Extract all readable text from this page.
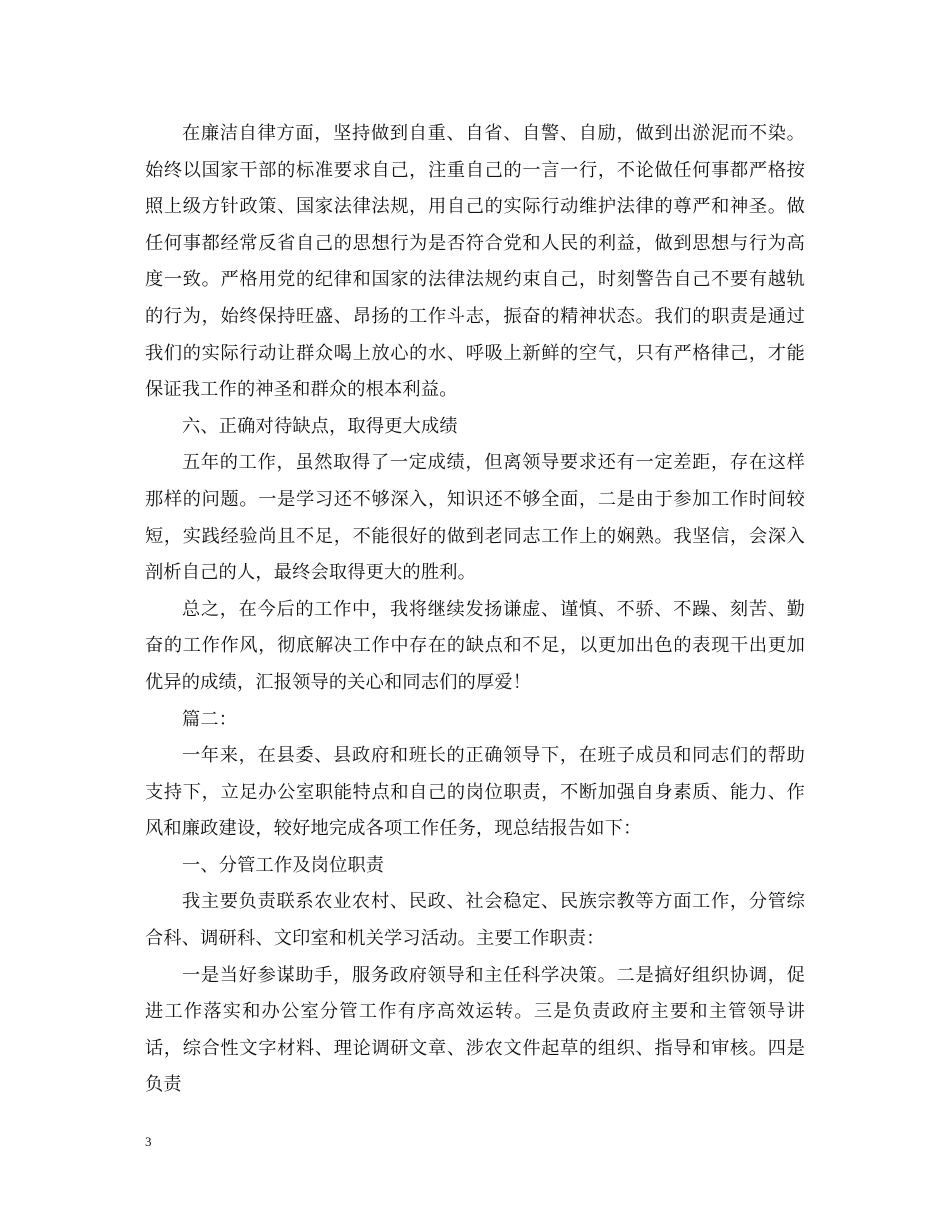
在廉洁自律方面，坚持做到自重、自省、自警、自励，做到出淤泥而不染。始终以国家干部的标准要求自己，注重自己的一言一行，不论做任何事都严格按照上级方针政策、国家法律法规，用自己的实际行动维护法律的尊严和神圣。做任何事都经常反省自己的思想行为是否符合党和人民的利益，做到思想与行为高度一致。严格用党的纪律和国家的法律法规约束自己，时刻警告自己不要有越轨的行为，始终保持旺盛、昂扬的工作斗志，振奋的精神状态。我们的职责是通过我们的实际行动让群众喝上放心的水、呼吸上新鲜的空气，只有严格律己，才能保证我工作的神圣和群众的根本利益。

六、正确对待缺点，取得更大成绩

五年的工作，虽然取得了一定成绩，但离领导要求还有一定差距，存在这样那样的问题。一是学习还不够深入，知识还不够全面，二是由于参加工作时间较短，实践经验尚且不足，不能很好的做到老同志工作上的娴熟。我坚信，会深入剖析自己的人，最终会取得更大的胜利。

总之，在今后的工作中，我将继续发扬谦虚、谨慎、不骄、不躁、刻苦、勤奋的工作作风，彻底解决工作中存在的缺点和不足，以更加出色的表现干出更加优异的成绩，汇报领导的关心和同志们的厚爱！

篇二：

一年来，在县委、县政府和班长的正确领导下，在班子成员和同志们的帮助支持下，立足办公室职能特点和自己的岗位职责，不断加强自身素质、能力、作风和廉政建设，较好地完成各项工作任务，现总结报告如下：

一、分管工作及岗位职责

我主要负责联系农业农村、民政、社会稳定、民族宗教等方面工作，分管综合科、调研科、文印室和机关学习活动。主要工作职责：

一是当好参谋助手，服务政府领导和主任科学决策。二是搞好组织协调，促进工作落实和办公室分管工作有序高效运转。三是负责政府主要和主管领导讲话，综合性文字材料、理论调研文章、涉农文件起草的组织、指导和审核。四是负责

3
